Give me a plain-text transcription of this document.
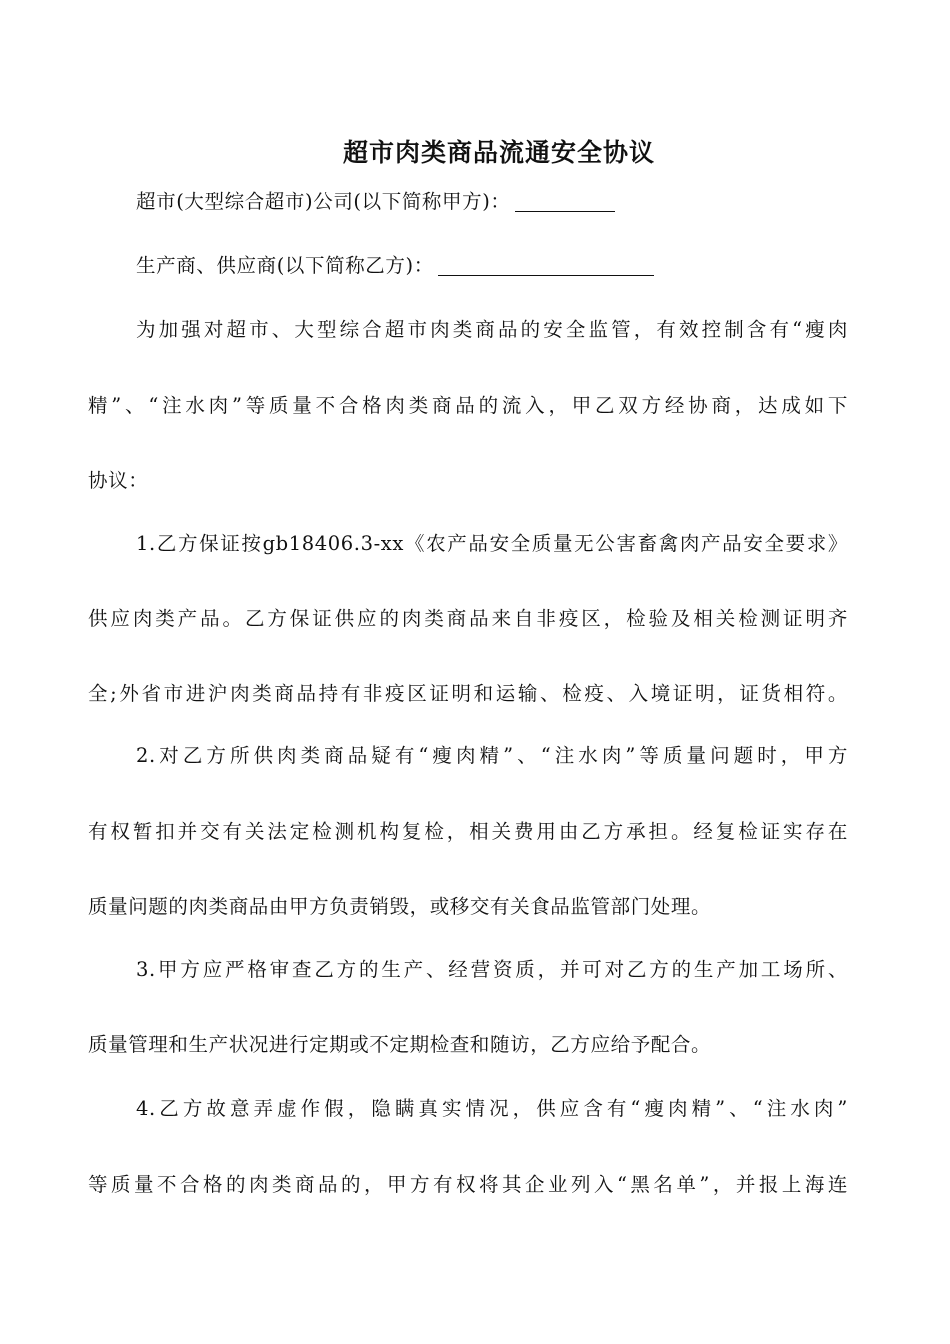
超市肉类商品流通安全协议
超市(大型综合超市)公司(以下简称甲方)：
生产商、供应商(以下简称乙方)：
为加强对超市、大型综合超市肉类商品的安全监管，有效控制含有“瘦肉
精”、“注水肉”等质量不合格肉类商品的流入，甲乙双方经协商，达成如下
协议：
1.乙方保证按gb18406.3-xx《农产品安全质量无公害畜禽肉产品安全要求》
供应肉类产品。乙方保证供应的肉类商品来自非疫区，检验及相关检测证明齐
全;外省市进沪肉类商品持有非疫区证明和运输、检疫、入境证明，证货相符。
2.对乙方所供肉类商品疑有“瘦肉精”、“注水肉”等质量问题时，甲方
有权暂扣并交有关法定检测机构复检，相关费用由乙方承担。经复检证实存在
质量问题的肉类商品由甲方负责销毁，或移交有关食品监管部门处理。
3.甲方应严格审查乙方的生产、经营资质，并可对乙方的生产加工场所、
质量管理和生产状况进行定期或不定期检查和随访，乙方应给予配合。
4.乙方故意弄虚作假，隐瞒真实情况，供应含有“瘦肉精”、“注水肉”
等质量不合格的肉类商品的，甲方有权将其企业列入“黑名单”，并报上海连
